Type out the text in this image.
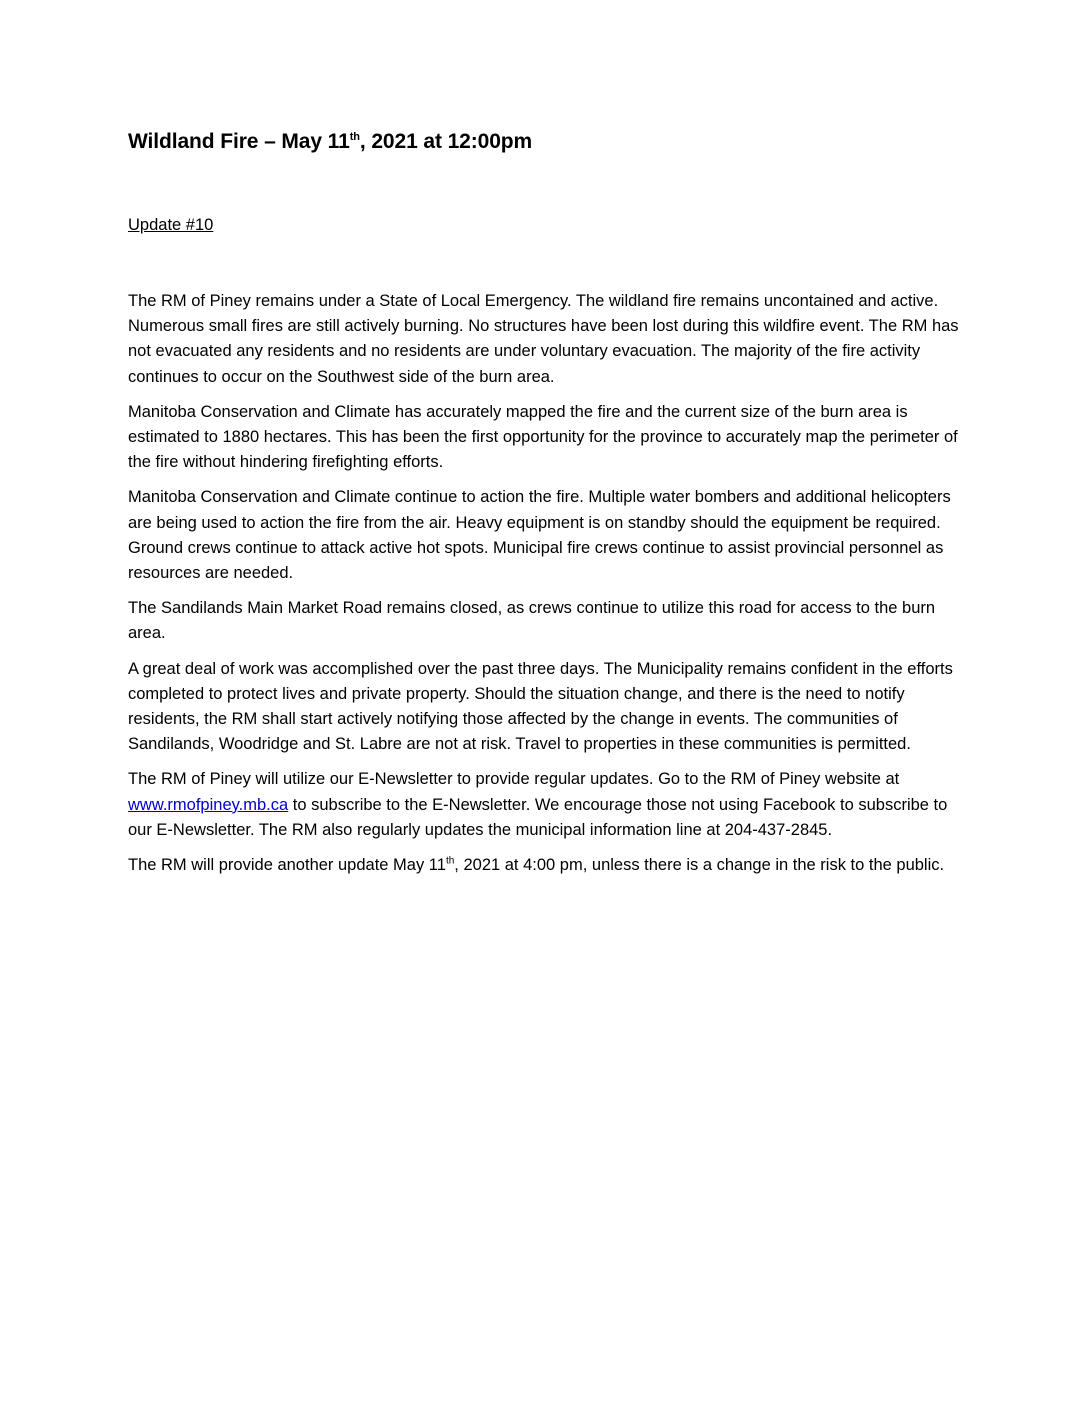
Wildland Fire – May 11th, 2021 at 12:00pm

Update #10

The RM of Piney remains under a State of Local Emergency. The wildland fire remains uncontained and active. Numerous small fires are still actively burning. No structures have been lost during this wildfire event. The RM has not evacuated any residents and no residents are under voluntary evacuation. The majority of the fire activity continues to occur on the Southwest side of the burn area.

Manitoba Conservation and Climate has accurately mapped the fire and the current size of the burn area is estimated to 1880 hectares. This has been the first opportunity for the province to accurately map the perimeter of the fire without hindering firefighting efforts.

Manitoba Conservation and Climate continue to action the fire. Multiple water bombers and additional helicopters are being used to action the fire from the air. Heavy equipment is on standby should the equipment be required. Ground crews continue to attack active hot spots. Municipal fire crews continue to assist provincial personnel as resources are needed.

The Sandilands Main Market Road remains closed, as crews continue to utilize this road for access to the burn area.

A great deal of work was accomplished over the past three days. The Municipality remains confident in the efforts completed to protect lives and private property. Should the situation change, and there is the need to notify residents, the RM shall start actively notifying those affected by the change in events. The communities of Sandilands, Woodridge and St. Labre are not at risk. Travel to properties in these communities is permitted.

The RM of Piney will utilize our E-Newsletter to provide regular updates. Go to the RM of Piney website at www.rmofpiney.mb.ca to subscribe to the E-Newsletter. We encourage those not using Facebook to subscribe to our E-Newsletter. The RM also regularly updates the municipal information line at 204-437-2845.

The RM will provide another update May 11th, 2021 at 4:00 pm, unless there is a change in the risk to the public.
